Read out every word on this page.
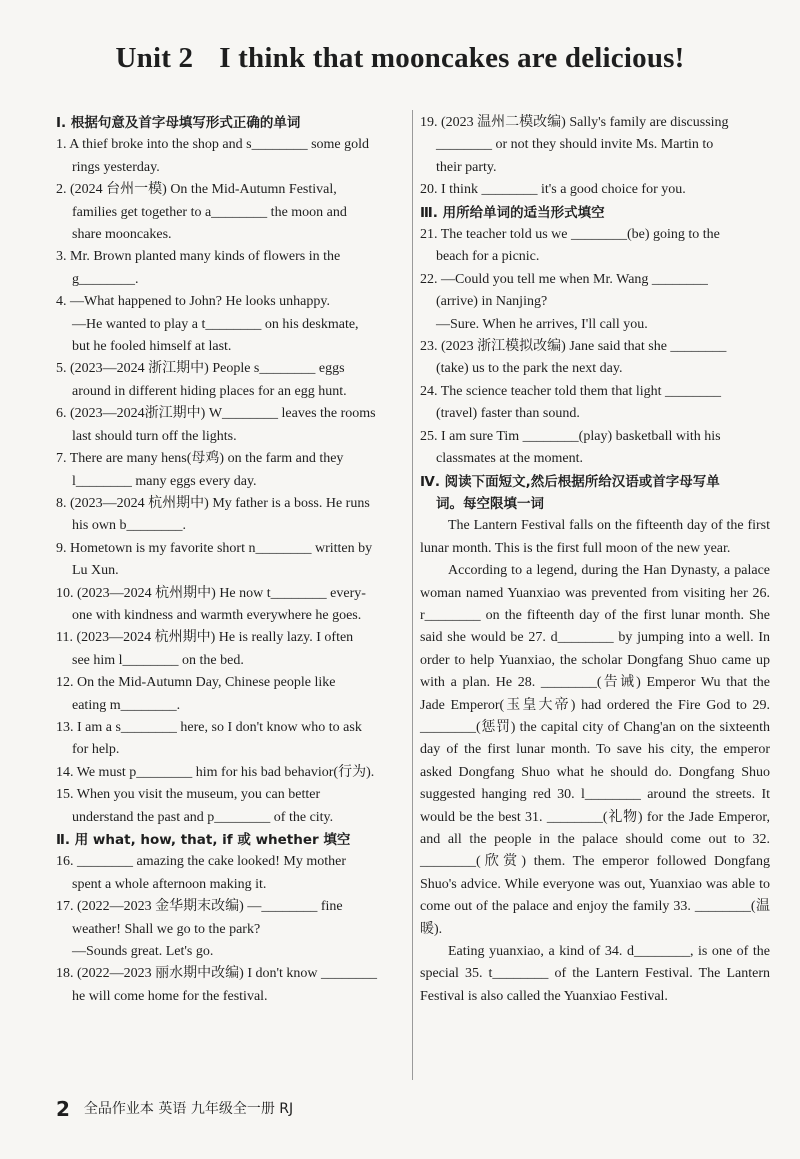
Unit 2 I think that mooncakes are delicious!
Ⅰ. 根据句意及首字母填写形式正确的单词
1. A thief broke into the shop and s________ some gold
rings yesterday.
2. (2024 台州一模) On the Mid-Autumn Festival,
families get together to a________ the moon and
share mooncakes.
3. Mr. Brown planted many kinds of flowers in the
g________.
4. —What happened to John? He looks unhappy.
—He wanted to play a t________ on his deskmate,
but he fooled himself at last.
5. (2023—2024 浙江期中) People s________ eggs
around in different hiding places for an egg hunt.
6. (2023—2024浙江期中) W________ leaves the rooms
last should turn off the lights.
7. There are many hens(母鸡) on the farm and they
l________ many eggs every day.
8. (2023—2024 杭州期中) My father is a boss. He runs
his own b________.
9. Hometown is my favorite short n________ written by
Lu Xun.
10. (2023—2024 杭州期中) He now t________ every-
one with kindness and warmth everywhere he goes.
11. (2023—2024 杭州期中) He is really lazy. I often
see him l________ on the bed.
12. On the Mid-Autumn Day, Chinese people like
eating m________.
13. I am a s________ here, so I don't know who to ask
for help.
14. We must p________ him for his bad behavior(行为).
15. When you visit the museum, you can better
understand the past and p________ of the city.
Ⅱ. 用 what, how, that, if 或 whether 填空
16. ________ amazing the cake looked! My mother
spent a whole afternoon making it.
17. (2022—2023 金华期末改编) —________ fine
weather! Shall we go to the park?
—Sounds great. Let's go.
18. (2022—2023 丽水期中改编) I don't know ________
he will come home for the festival.
19. (2023 温州二模改编) Sally's family are discussing
________ or not they should invite Ms. Martin to
their party.
20. I think ________ it's a good choice for you.
Ⅲ. 用所给单词的适当形式填空
21. The teacher told us we ________(be) going to the
beach for a picnic.
22. —Could you tell me when Mr. Wang ________
(arrive) in Nanjing?
—Sure. When he arrives, I'll call you.
23. (2023 浙江模拟改编) Jane said that she ________
(take) us to the park the next day.
24. The science teacher told them that light ________
(travel) faster than sound.
25. I am sure Tim ________(play) basketball with his
classmates at the moment.
Ⅳ. 阅读下面短文,然后根据所给汉语或首字母写单
词。每空限填一词
The Lantern Festival falls on the fifteenth day of the first lunar month. This is the first full moon of the new year.
According to a legend, during the Han Dynasty, a palace woman named Yuanxiao was prevented from visiting her 26. r________ on the fifteenth day of the first lunar month. She said she would be 27. d________ by jumping into a well. In order to help Yuanxiao, the scholar Dongfang Shuo came up with a plan. He 28. ________(告诫) Emperor Wu that the Jade Emperor(玉皇大帝) had ordered the Fire God to 29. ________(惩罚) the capital city of Chang'an on the sixteenth day of the first lunar month. To save his city, the emperor asked Dongfang Shuo what he should do. Dongfang Shuo suggested hanging red 30. l________ around the streets. It would be the best 31. ________(礼物) for the Jade Emperor, and all the people in the palace should come out to 32. ________(欣赏) them. The emperor followed Dongfang Shuo's advice. While everyone was out, Yuanxiao was able to come out of the palace and enjoy the family 33. ________(温暖).
Eating yuanxiao, a kind of 34. d________, is one of the special 35. t________ of the Lantern Festival. The Lantern Festival is also called the Yuanxiao Festival.
2 全品作业本 英语 九年级全一册 RJ
